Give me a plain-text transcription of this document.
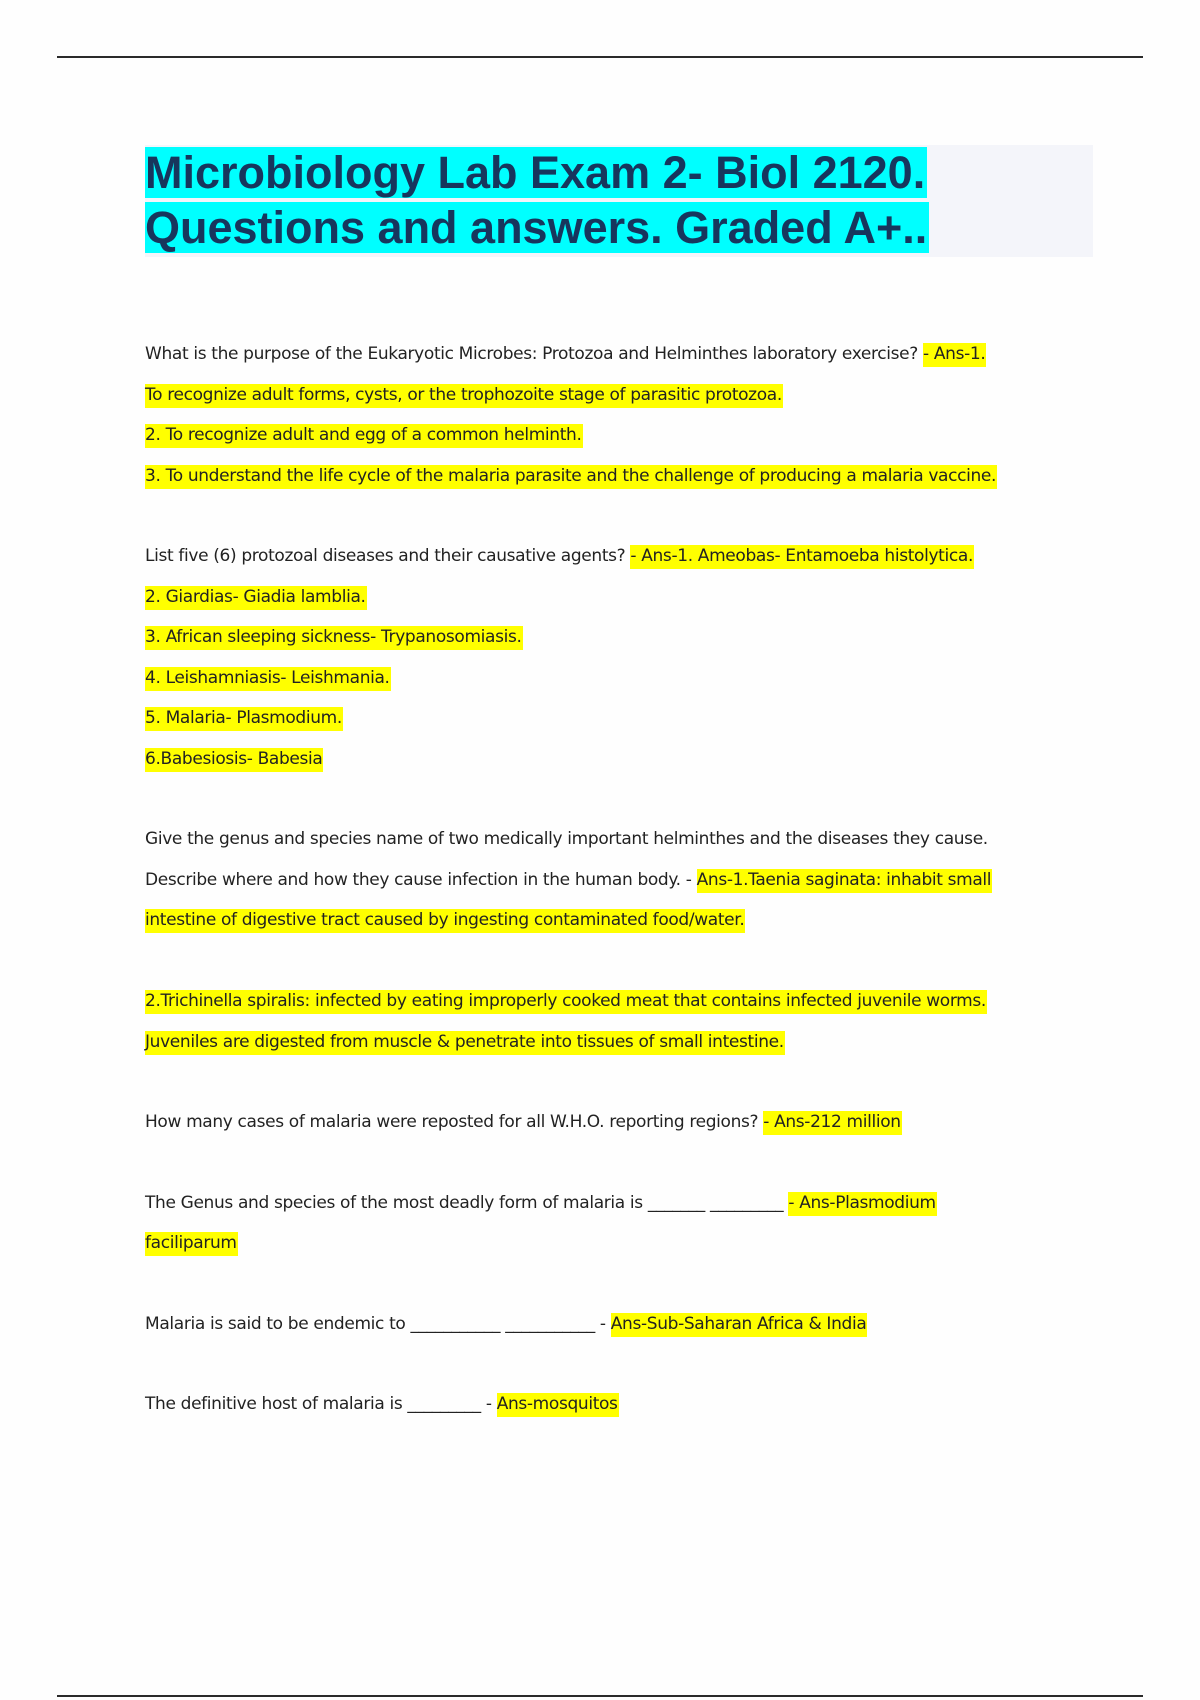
Microbiology Lab Exam 2- Biol 2120.
Questions and answers. Graded A+..

What is the purpose of the Eukaryotic Microbes: Protozoa and Helminthes laboratory exercise? - Ans-1.

To recognize adult forms, cysts, or the trophozoite stage of parasitic protozoa.

2. To recognize adult and egg of a common helminth.

3. To understand the life cycle of the malaria parasite and the challenge of producing a malaria vaccine.

List five (6) protozoal diseases and their causative agents? - Ans-1. Ameobas- Entamoeba histolytica.

2. Giardias- Giadia lamblia.

3. African sleeping sickness- Trypanosomiasis.

4. Leishamniasis- Leishmania.

5. Malaria- Plasmodium.

6.Babesiosis- Babesia

Give the genus and species name of two medically important helminthes and the diseases they cause.

Describe where and how they cause infection in the human body. - Ans-1.Taenia saginata: inhabit small

intestine of digestive tract caused by ingesting contaminated food/water.

2.Trichinella spiralis: infected by eating improperly cooked meat that contains infected juvenile worms.

Juveniles are digested from muscle & penetrate into tissues of small intestine.

How many cases of malaria were reposted for all W.H.O. reporting regions? - Ans-212 million

The Genus and species of the most deadly form of malaria is _______ _________ - Ans-Plasmodium

faciliparum

Malaria is said to be endemic to ___________ ___________ - Ans-Sub-Saharan Africa & India

The definitive host of malaria is _________ - Ans-mosquitos
